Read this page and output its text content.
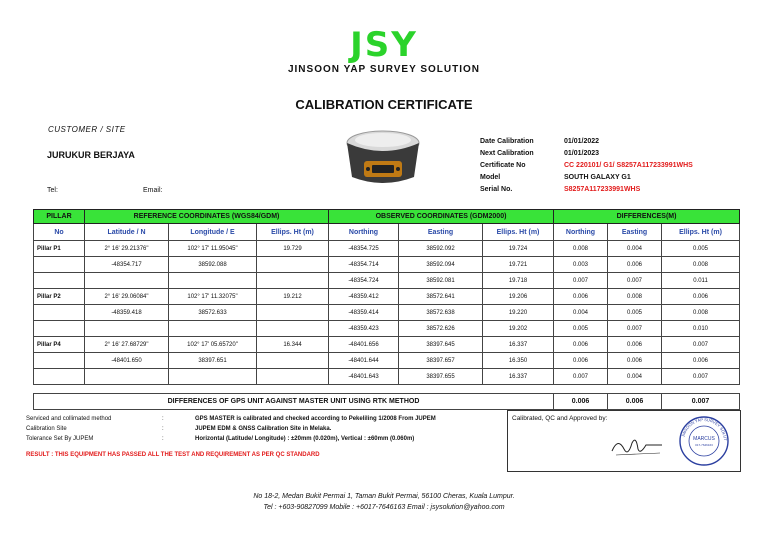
JSY
JINSOON YAP SURVEY SOLUTION
CALIBRATION CERTIFICATE
CUSTOMER / SITE
JURUKUR BERJAYA
Tel:	Email:
Date Calibration	01/01/2022
Next Calibration	01/01/2023
Certificate No	CC 220101/ G1/ S8257A117233991WHS
Model	SOUTH GALAXY G1
Serial No.	S8257A117233991WHS
PILLAR	REFERENCE COORDINATES (WGS84/GDM)			OBSERVED COORDINATES (GDM2000)			DIFFERENCES(M)		
No	Latitude / N	Longitude / E	Ellips. Ht (m)	Northing	Easting	Ellips. Ht (m)	Northing	Easting	Ellips. Ht (m)
Pillar P1	2° 16' 29.21376"	102° 17' 11.95045"	19.729	-48354.725	38592.092	19.724	0.008	0.004	0.005
	-48354.717	38592.088		-48354.714	38592.094	19.721	0.003	0.006	0.008
				-48354.724	38592.081	19.718	0.007	0.007	0.011
Pillar P2	2° 16' 29.06084"	102° 17' 11.32075"	19.212	-48359.412	38572.641	19.206	0.006	0.008	0.006
	-48359.418	38572.633		-48359.414	38572.638	19.220	0.004	0.005	0.008
				-48359.423	38572.626	19.202	0.005	0.007	0.010
Pillar P4	2° 16' 27.68729"	102° 17' 05.65720"	16.344	-48401.656	38397.645	16.337	0.006	0.006	0.007
	-48401.650	38397.651		-48401.644	38397.657	16.350	0.006	0.006	0.006
				-48401.643	38397.655	16.337	0.007	0.004	0.007
DIFFERENCES OF GPS UNIT AGAINST MASTER UNIT USING RTK METHOD	0.006	0.006	0.007
Serviced and collimated method	:	GPS MASTER is calibrated and checked according to Pekeliling 1/2008 From JUPEM
Calibration Site	:	JUPEM EDM & GNSS Calibration Site in Melaka.
Tolerance Set By JUPEM	:	Horizontal (Latitude/ Longitude) : ±20mm (0.020m), Vertical : ±60mm (0.060m)
RESULT : THIS EQUIPMENT HAS PASSED ALL THE TEST AND REQUIREMENT AS PER QC STANDARD
Calibrated, QC and Approved by:
MARCUS
017-7646163
JINSOON YAP SURVEY SOLUT
No 18-2, Medan Bukit Permai 1, Taman Bukit Permai, 56100 Cheras, Kuala Lumpur.
Tel : +603-90827099 Mobile : +6017-7646163 Email : jsysolution@yahoo.com
